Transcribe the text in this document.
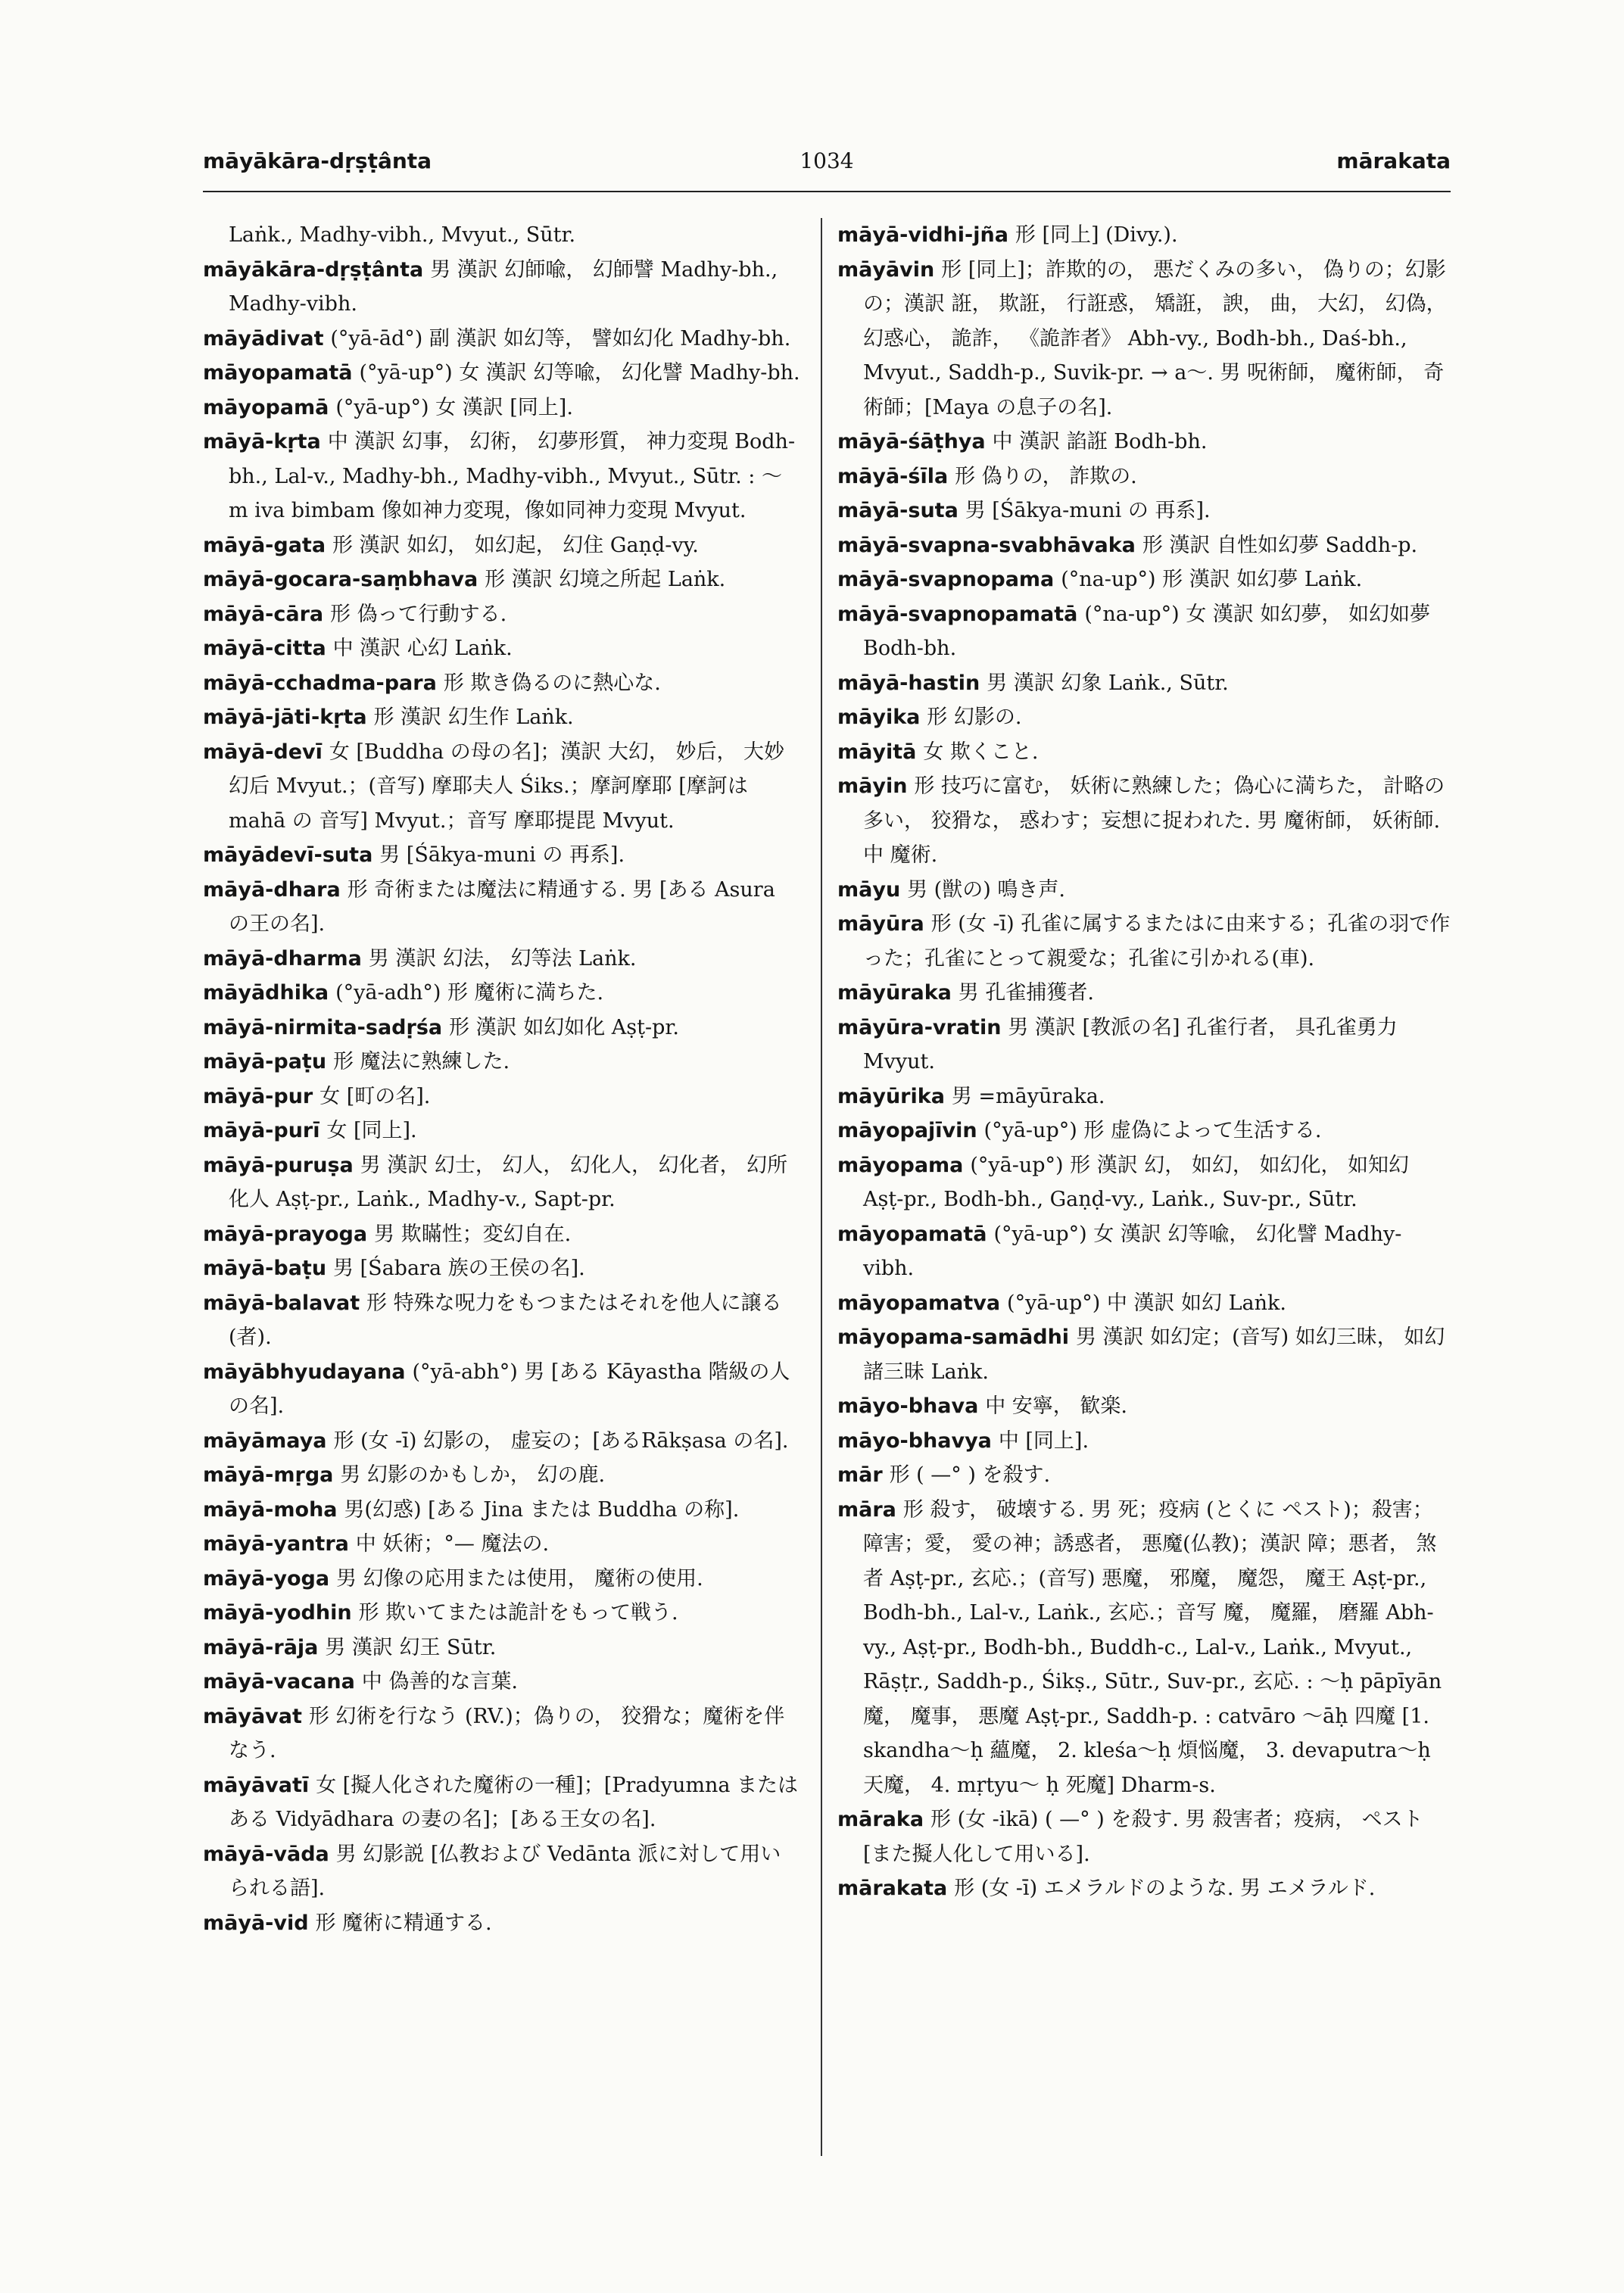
māyākāra-dṛṣṭânta	1034	mārakata

Laṅk., Madhy-vibh., Mvyut., Sūtr.

māyākāra-dṛṣṭânta 男 漢訳 幻師喩， 幻師譬 Madhy-bh., Madhy-vibh.

māyādivat (°yā-ād°) 副 漢訳 如幻等， 譬如幻化 Madhy-bh.

māyopamatā (°yā-up°) 女 漢訳 幻等喩， 幻化譬 Madhy-bh.

māyopamā (°yā-up°) 女 漢訳 [同上].

māyā-kṛta 中 漢訳 幻事， 幻術， 幻夢形質， 神力変現 Bodh-bh., Lal-v., Madhy-bh., Madhy-vibh., Mvyut., Sūtr. : ～m iva bimbam 像如神力変現，像如同神力変現 Mvyut.

māyā-gata 形 漢訳 如幻， 如幻起， 幻住 Gaṇḍ-vy.

māyā-gocara-saṃbhava 形 漢訳 幻境之所起 Laṅk.

māyā-cāra 形 偽って行動する.

māyā-citta 中 漢訳 心幻 Laṅk.

māyā-cchadma-para 形 欺き偽るのに熱心な.

māyā-jāti-kṛta 形 漢訳 幻生作 Laṅk.

māyā-devī 女 [Buddha の母の名]；漢訳 大幻， 妙后， 大妙幻后 Mvyut.；(音写) 摩耶夫人 Śiks.；摩訶摩耶 [摩訶は mahā の 音写] Mvyut.；音写 摩耶提毘 Mvyut.

māyādevī-suta 男 [Śākya-muni の 再系].

māyā-dhara 形 奇術または魔法に精通する. 男 [ある Asura の王の名].

māyā-dharma 男 漢訳 幻法， 幻等法 Laṅk.

māyādhika (°yā-adh°) 形 魔術に満ちた.

māyā-nirmita-sadṛśa 形 漢訳 如幻如化 Aṣṭ-pr.

māyā-paṭu 形 魔法に熟練した.

māyā-pur 女 [町の名].

māyā-purī 女 [同上].

māyā-puruṣa 男 漢訳 幻士， 幻人， 幻化人， 幻化者， 幻所化人 Aṣṭ-pr., Laṅk., Madhy-v., Sapt-pr.

māyā-prayoga 男 欺瞞性；変幻自在.

māyā-baṭu 男 [Śabara 族の王侯の名].

māyā-balavat 形 特殊な呪力をもつまたはそれを他人に譲る(者).

māyābhyudayana (°yā-abh°) 男 [ある Kāyastha 階級の人の名].

māyāmaya 形 (女 -ī) 幻影の， 虚妄の；[あるRākṣasa の名].

māyā-mṛga 男 幻影のかもしか， 幻の鹿.

māyā-moha 男(幻惑) [ある Jina または Buddha の称].

māyā-yantra 中 妖術；°— 魔法の.

māyā-yoga 男 幻像の応用または使用， 魔術の使用.

māyā-yodhin 形 欺いてまたは詭計をもって戦う.

māyā-rāja 男 漢訳 幻王 Sūtr.

māyā-vacana 中 偽善的な言葉.

māyāvat 形 幻術を行なう (RV.)；偽りの， 狡猾な；魔術を伴なう.

māyāvatī 女 [擬人化された魔術の一種]；[Pradyumna または ある Vidyādhara の妻の名]；[ある王女の名].

māyā-vāda 男 幻影説 [仏教および Vedānta 派に対して用いられる語].

māyā-vid 形 魔術に精通する.

māyā-vidhi-jña 形 [同上] (Divy.).

māyāvin 形 [同上]；詐欺的の， 悪だくみの多い， 偽りの；幻影の；漢訳 誑， 欺誑， 行誑惑， 矯誑， 諛， 曲， 大幻， 幻偽， 幻惑心， 詭詐， 《詭詐者》 Abh-vy., Bodh-bh., Daś-bh., Mvyut., Saddh-p., Suvik-pr. → a～. 男 呪術師， 魔術師， 奇術師；[Maya の息子の名].

māyā-śāṭhya 中 漢訳 諂誑 Bodh-bh.

māyā-śīla 形 偽りの， 詐欺の.

māyā-suta 男 [Śākya-muni の 再系].

māyā-svapna-svabhāvaka 形 漢訳 自性如幻夢 Saddh-p.

māyā-svapnopama (°na-up°) 形 漢訳 如幻夢 Laṅk.

māyā-svapnopamatā (°na-up°) 女 漢訳 如幻夢， 如幻如夢 Bodh-bh.

māyā-hastin 男 漢訳 幻象 Laṅk., Sūtr.

māyika 形 幻影の.

māyitā 女 欺くこと.

māyin 形 技巧に富む， 妖術に熟練した；偽心に満ちた， 計略の多い， 狡猾な， 惑わす；妄想に捉われた. 男 魔術師， 妖術師. 中 魔術.

māyu 男 (獣の) 鳴き声.

māyūra 形 (女 -ī) 孔雀に属するまたはに由来する；孔雀の羽で作った；孔雀にとって親愛な；孔雀に引かれる(車).

māyūraka 男 孔雀捕獲者.

māyūra-vratin 男 漢訳 [教派の名] 孔雀行者， 具孔雀勇力 Mvyut.

māyūrika 男 =māyūraka.

māyopajīvin (°yā-up°) 形 虚偽によって生活する.

māyopama (°yā-up°) 形 漢訳 幻， 如幻， 如幻化， 如知幻 Aṣṭ-pr., Bodh-bh., Gaṇḍ-vy., Laṅk., Suv-pr., Sūtr.

māyopamatā (°yā-up°) 女 漢訳 幻等喩， 幻化譬 Madhy-vibh.

māyopamatva (°yā-up°) 中 漢訳 如幻 Laṅk.

māyopama-samādhi 男 漢訳 如幻定；(音写) 如幻三昧， 如幻諸三昧 Laṅk.

māyo-bhava 中 安寧， 歓楽.

māyo-bhavya 中 [同上].

mār 形 ( —° ) を殺す.

māra 形 殺す， 破壊する. 男 死；疫病 (とくに ペスト)；殺害；障害；愛， 愛の神；誘惑者， 悪魔(仏教)；漢訳 障；悪者， 煞者 Aṣṭ-pr., 玄応.；(音写) 悪魔， 邪魔， 魔怨， 魔王 Aṣṭ-pr., Bodh-bh., Lal-v., Laṅk., 玄応.；音写 魔， 魔羅， 磨羅 Abh-vy., Aṣṭ-pr., Bodh-bh., Buddh-c., Lal-v., Laṅk., Mvyut., Rāṣṭr., Saddh-p., Śikṣ., Sūtr., Suv-pr., 玄応. : ～ḥ pāpīyān 魔， 魔事， 悪魔 Aṣṭ-pr., Saddh-p. : catvāro ～āḥ 四魔 [1. skandha～ḥ 蘊魔， 2. kleśa～ḥ 煩悩魔， 3. devaputra～ḥ 天魔， 4. mṛtyu～ ḥ 死魔] Dharm-s.

māraka 形 (女 -ikā) ( —° ) を殺す. 男 殺害者；疫病， ペスト[また擬人化して用いる].

mārakata 形 (女 -ī) エメラルドのような. 男 エメラルド.
